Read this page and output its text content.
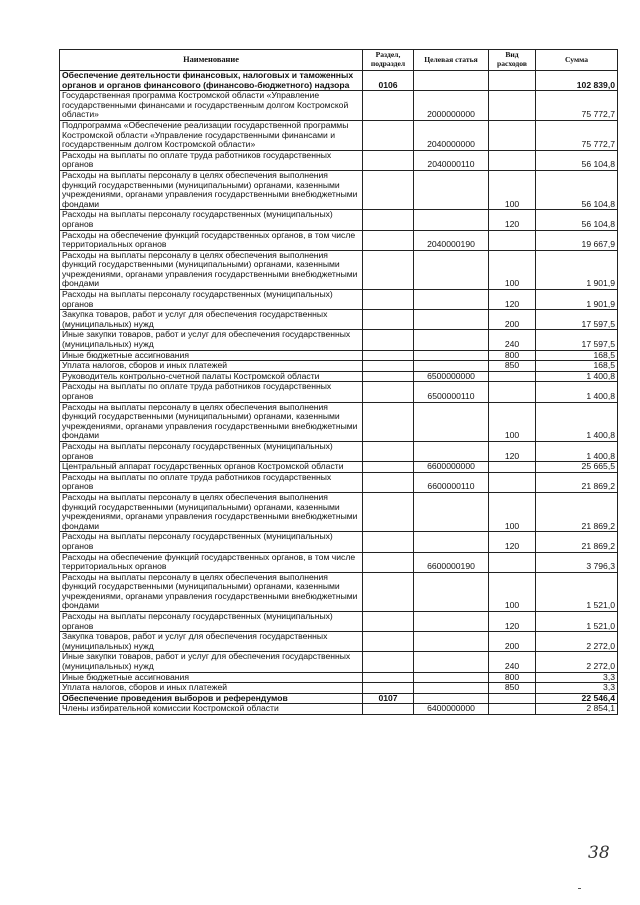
Наименование	Раздел, подраздел	Целевая статья	Вид расходов	Сумма
Обеспечение деятельности финансовых, налоговых и таможенных органов и органов финансового (финансово-бюджетного) надзора	0106			102 839,0
Государственная программа Костромской области «Управление государственными финансами и государственным долгом Костромской области»		2000000000		75 772,7
Подпрограмма «Обеспечение реализации государственной программы Костромской области «Управление государственными финансами и государственным долгом Костромской области»		2040000000		75 772,7
Расходы на выплаты по оплате труда работников государственных органов		2040000110		56 104,8
Расходы на выплаты персоналу в целях обеспечения выполнения функций государственными (муниципальными) органами, казенными учреждениями, органами управления государственными внебюджетными фондами			100	56 104,8
Расходы на выплаты персоналу государственных (муниципальных) органов			120	56 104,8
Расходы на обеспечение функций государственных органов, в том числе территориальных органов		2040000190		19 667,9
Расходы на выплаты персоналу в целях обеспечения выполнения функций государственными (муниципальными) органами, казенными учреждениями, органами управления государственными внебюджетными фондами			100	1 901,9
Расходы на выплаты персоналу государственных (муниципальных) органов			120	1 901,9
Закупка товаров, работ и услуг для обеспечения государственных (муниципальных) нужд			200	17 597,5
Иные закупки товаров, работ и услуг для обеспечения государственных (муниципальных) нужд			240	17 597,5
Иные бюджетные ассигнования			800	168,5
Уплата налогов, сборов и иных платежей			850	168,5
Руководитель контрольно-счетной палаты Костромской области		6500000000		1 400,8
Расходы на выплаты по оплате труда работников государственных органов		6500000110		1 400,8
Расходы на выплаты персоналу в целях обеспечения выполнения функций государственными (муниципальными) органами, казенными учреждениями, органами управления государственными внебюджетными фондами			100	1 400,8
Расходы на выплаты персоналу государственных (муниципальных) органов			120	1 400,8
Центральный аппарат государственных органов Костромской области		6600000000		25 665,5
Расходы на выплаты по оплате труда работников государственных органов		6600000110		21 869,2
Расходы на выплаты персоналу в целях обеспечения выполнения функций государственными (муниципальными) органами, казенными учреждениями, органами управления государственными внебюджетными фондами			100	21 869,2
Расходы на выплаты персоналу государственных (муниципальных) органов			120	21 869,2
Расходы на обеспечение функций государственных органов, в том числе территориальных органов		6600000190		3 796,3
Расходы на выплаты персоналу в целях обеспечения выполнения функций государственными (муниципальными) органами, казенными учреждениями, органами управления государственными внебюджетными фондами			100	1 521,0
Расходы на выплаты персоналу государственных (муниципальных) органов			120	1 521,0
Закупка товаров, работ и услуг для обеспечения государственных (муниципальных) нужд			200	2 272,0
Иные закупки товаров, работ и услуг для обеспечения государственных (муниципальных) нужд			240	2 272,0
Иные бюджетные ассигнования			800	3,3
Уплата налогов, сборов и иных платежей			850	3,3
Обеспечение проведения выборов и референдумов	0107			22 546,4
Члены избирательной комиссии Костромской области		6400000000		2 854,1
38
